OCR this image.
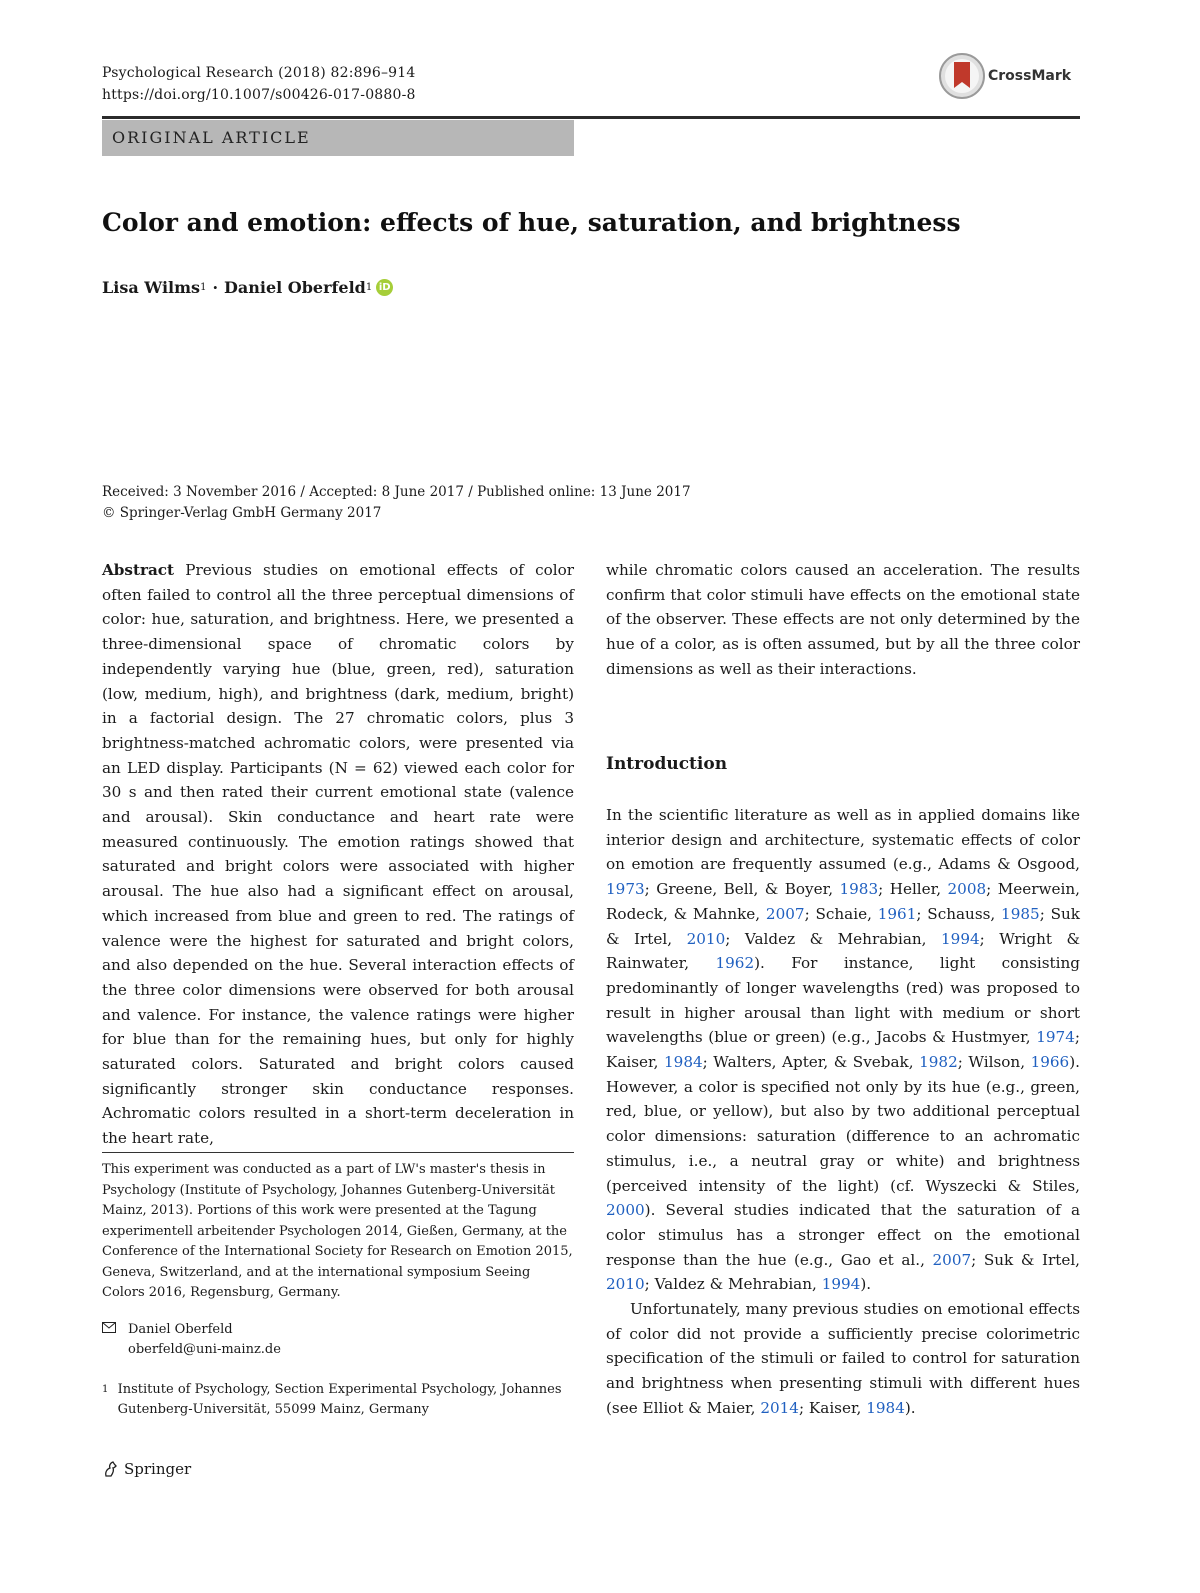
Psychological Research (2018) 82:896–914
https://doi.org/10.1007/s00426-017-0880-8
CrossMark
ORIGINAL ARTICLE
Color and emotion: effects of hue, saturation, and brightness
Lisa Wilms 1 · Daniel Oberfeld 1 iD
Received: 3 November 2016 / Accepted: 8 June 2017 / Published online: 13 June 2017
© Springer-Verlag GmbH Germany 2017

Abstract Previous studies on emotional effects of color often failed to control all the three perceptual dimensions of color: hue, saturation, and brightness. Here, we presented a three-dimensional space of chromatic colors by independently varying hue (blue, green, red), saturation (low, medium, high), and brightness (dark, medium, bright) in a factorial design. The 27 chromatic colors, plus 3 brightness-matched achromatic colors, were presented via an LED display. Participants (N = 62) viewed each color for 30 s and then rated their current emotional state (valence and arousal). Skin conductance and heart rate were measured continuously. The emotion ratings showed that saturated and bright colors were associated with higher arousal. The hue also had a significant effect on arousal, which increased from blue and green to red. The ratings of valence were the highest for saturated and bright colors, and also depended on the hue. Several interaction effects of the three color dimensions were observed for both arousal and valence. For instance, the valence ratings were higher for blue than for the remaining hues, but only for highly saturated colors. Saturated and bright colors caused significantly stronger skin conductance responses. Achromatic colors resulted in a short-term deceleration in the heart rate,

while chromatic colors caused an acceleration. The results confirm that color stimuli have effects on the emotional state of the observer. These effects are not only determined by the hue of a color, as is often assumed, but by all the three color dimensions as well as their interactions.

Introduction

In the scientific literature as well as in applied domains like interior design and architecture, systematic effects of color on emotion are frequently assumed (e.g., Adams & Osgood, 1973; Greene, Bell, & Boyer, 1983; Heller, 2008; Meerwein, Rodeck, & Mahnke, 2007; Schaie, 1961; Schauss, 1985; Suk & Irtel, 2010; Valdez & Mehrabian, 1994; Wright & Rainwater, 1962). For instance, light consisting predominantly of longer wavelengths (red) was proposed to result in higher arousal than light with medium or short wavelengths (blue or green) (e.g., Jacobs & Hustmyer, 1974; Kaiser, 1984; Walters, Apter, & Svebak, 1982; Wilson, 1966). However, a color is specified not only by its hue (e.g., green, red, blue, or yellow), but also by two additional perceptual color dimensions: saturation (difference to an achromatic stimulus, i.e., a neutral gray or white) and brightness (perceived intensity of the light) (cf. Wyszecki & Stiles, 2000). Several studies indicated that the saturation of a color stimulus has a stronger effect on the emotional response than the hue (e.g., Gao et al., 2007; Suk & Irtel, 2010; Valdez & Mehrabian, 1994).

Unfortunately, many previous studies on emotional effects of color did not provide a sufficiently precise colorimetric specification of the stimuli or failed to control for saturation and brightness when presenting stimuli with different hues (see Elliot & Maier, 2014; Kaiser, 1984).

This experiment was conducted as a part of LW's master's thesis in Psychology (Institute of Psychology, Johannes Gutenberg-Universität Mainz, 2013). Portions of this work were presented at the Tagung experimentell arbeitender Psychologen 2014, Gießen, Germany, at the Conference of the International Society for Research on Emotion 2015, Geneva, Switzerland, and at the international symposium Seeing Colors 2016, Regensburg, Germany.
Daniel Oberfeld
oberfeld@uni-mainz.de
1 Institute of Psychology, Section Experimental Psychology, Johannes Gutenberg-Universität, 55099 Mainz, Germany
Springer
